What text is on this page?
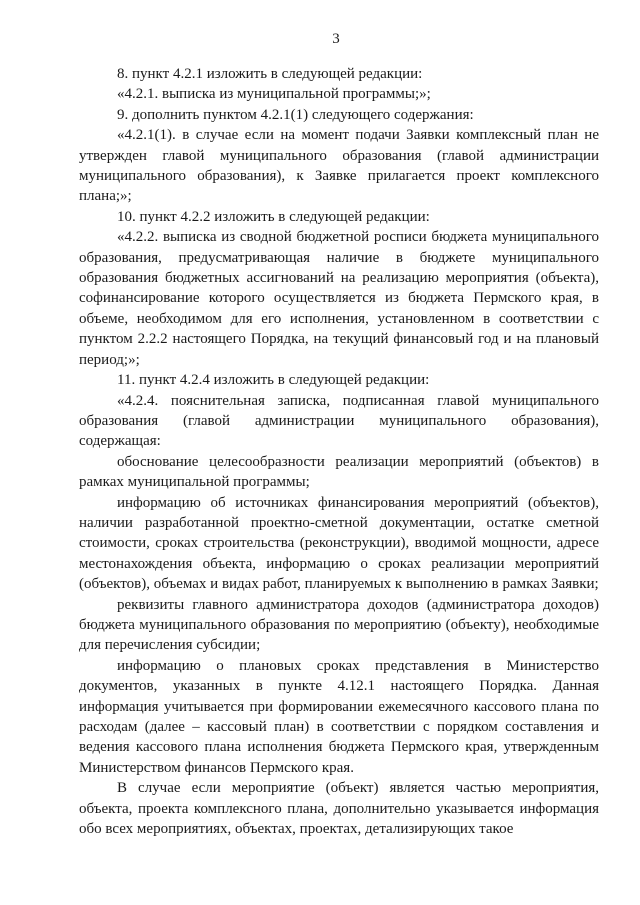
3

8. пункт 4.2.1 изложить в следующей редакции:

«4.2.1. выписка из муниципальной программы;»;

9. дополнить пунктом 4.2.1(1) следующего содержания:

«4.2.1(1). в случае если на момент подачи Заявки комплексный план не утвержден главой муниципального образования (главой администрации муниципального образования), к Заявке прилагается проект комплексного плана;»;

10. пункт 4.2.2 изложить в следующей редакции:

«4.2.2. выписка из сводной бюджетной росписи бюджета муниципального образования, предусматривающая наличие в бюджете муниципального образования бюджетных ассигнований на реализацию мероприятия (объекта), софинансирование которого осуществляется из бюджета Пермского края, в объеме, необходимом для его исполнения, установленном в соответствии с пунктом 2.2.2 настоящего Порядка, на текущий финансовый год и на плановый период;»;

11. пункт 4.2.4 изложить в следующей редакции:

«4.2.4. пояснительная записка, подписанная главой муниципального образования (главой администрации муниципального образования), содержащая:

обоснование целесообразности реализации мероприятий (объектов) в рамках муниципальной программы;

информацию об источниках финансирования мероприятий (объектов), наличии разработанной проектно-сметной документации, остатке сметной стоимости, сроках строительства (реконструкции), вводимой мощности, адресе местонахождения объекта, информацию о сроках реализации мероприятий (объектов), объемах и видах работ, планируемых к выполнению в рамках Заявки;

реквизиты главного администратора доходов (администратора доходов) бюджета муниципального образования по мероприятию (объекту), необходимые для перечисления субсидии;

информацию о плановых сроках представления в Министерство документов, указанных в пункте 4.12.1 настоящего Порядка. Данная информация учитывается при формировании ежемесячного кассового плана по расходам (далее – кассовый план) в соответствии с порядком составления и ведения кассового плана исполнения бюджета Пермского края, утвержденным Министерством финансов Пермского края.

В случае если мероприятие (объект) является частью мероприятия, объекта, проекта комплексного плана, дополнительно указывается информация обо всех мероприятиях, объектах, проектах, детализирующих такое
